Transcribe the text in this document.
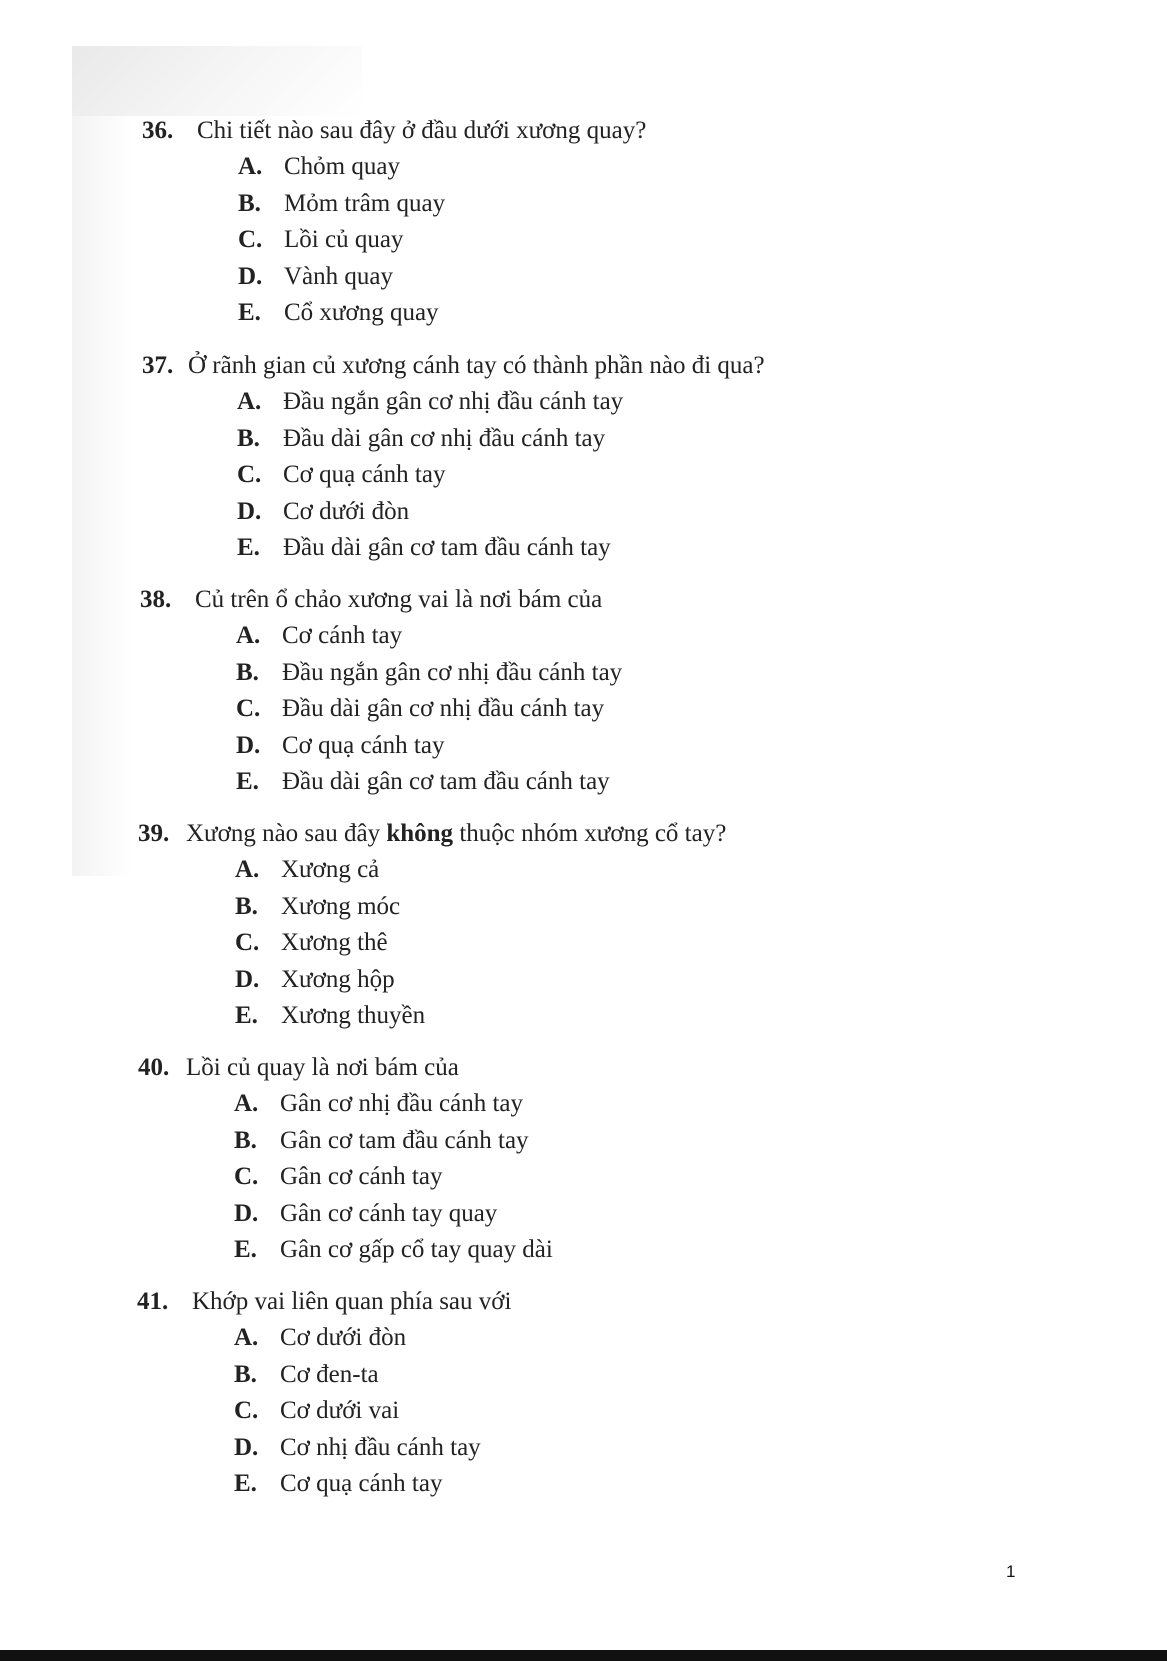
36. Chi tiết nào sau đây ở đầu dưới xương quay?
A. Chỏm quay
B. Mỏm trâm quay
C. Lồi củ quay
D. Vành quay
E. Cổ xương quay
37. Ở rãnh gian củ xương cánh tay có thành phần nào đi qua?
A. Đầu ngắn gân cơ nhị đầu cánh tay
B. Đầu dài gân cơ nhị đầu cánh tay
C. Cơ quạ cánh tay
D. Cơ dưới đòn
E. Đầu dài gân cơ tam đầu cánh tay
38. Củ trên ổ chảo xương vai là nơi bám của
A. Cơ cánh tay
B. Đầu ngắn gân cơ nhị đầu cánh tay
C. Đầu dài gân cơ nhị đầu cánh tay
D. Cơ quạ cánh tay
E. Đầu dài gân cơ tam đầu cánh tay
39. Xương nào sau đây không thuộc nhóm xương cổ tay?
A. Xương cả
B. Xương móc
C. Xương thê
D. Xương hộp
E. Xương thuyền
40. Lồi củ quay là nơi bám của
A. Gân cơ nhị đầu cánh tay
B. Gân cơ tam đầu cánh tay
C. Gân cơ cánh tay
D. Gân cơ cánh tay quay
E. Gân cơ gấp cổ tay quay dài
41. Khớp vai liên quan phía sau với
A. Cơ dưới đòn
B. Cơ đen-ta
C. Cơ dưới vai
D. Cơ nhị đầu cánh tay
E. Cơ quạ cánh tay
1
